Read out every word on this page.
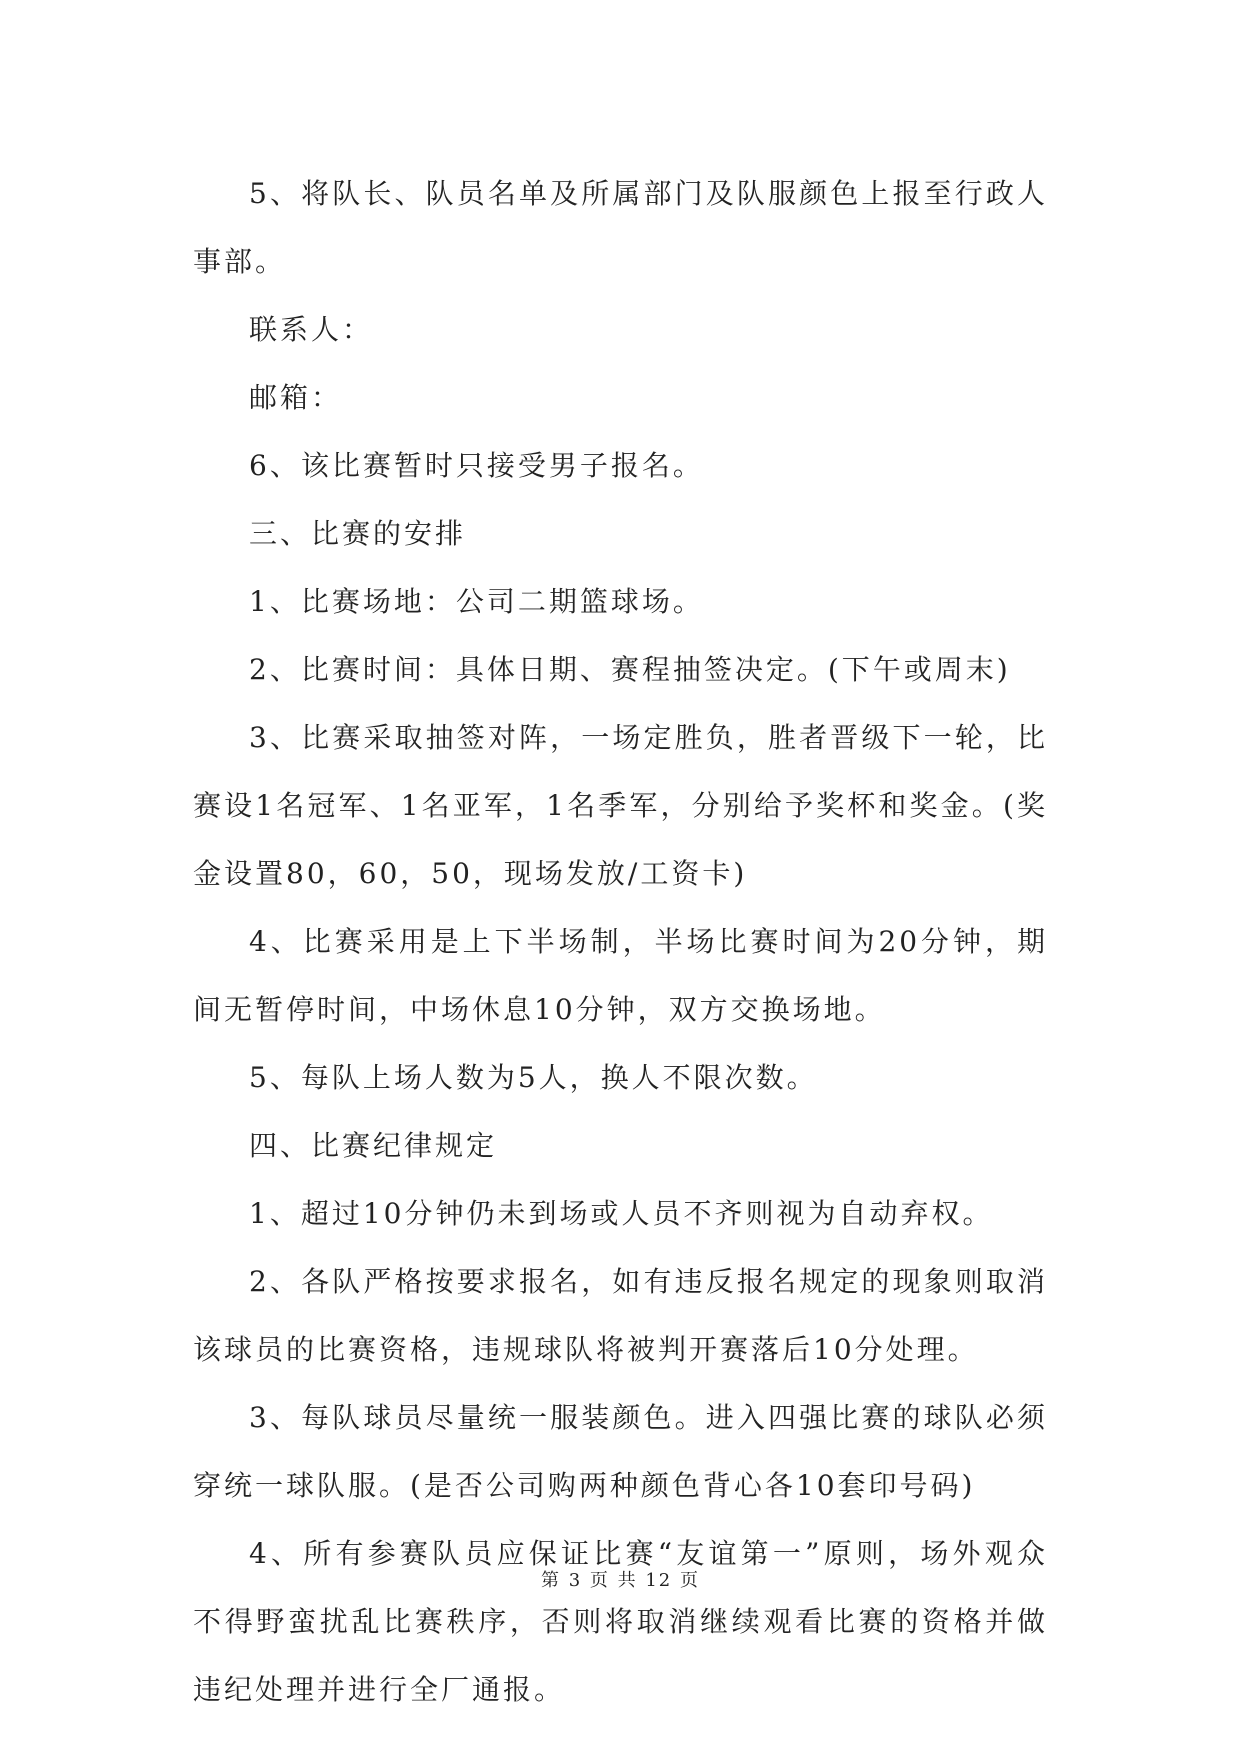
5、将队长、队员名单及所属部门及队服颜色上报至行政人事部。

联系人：

邮箱：

6、该比赛暂时只接受男子报名。

三、比赛的安排

1、比赛场地：公司二期篮球场。

2、比赛时间：具体日期、赛程抽签决定。(下午或周末)

3、比赛采取抽签对阵，一场定胜负，胜者晋级下一轮，比赛设1名冠军、1名亚军，1名季军，分别给予奖杯和奖金。(奖金设置80，60，50，现场发放/工资卡)

4、比赛采用是上下半场制，半场比赛时间为20分钟，期间无暂停时间，中场休息10分钟，双方交换场地。

5、每队上场人数为5人，换人不限次数。

四、比赛纪律规定

1、超过10分钟仍未到场或人员不齐则视为自动弃权。

2、各队严格按要求报名，如有违反报名规定的现象则取消该球员的比赛资格，违规球队将被判开赛落后10分处理。

3、每队球员尽量统一服装颜色。进入四强比赛的球队必须穿统一球队服。(是否公司购两种颜色背心各10套印号码)

4、所有参赛队员应保证比赛“友谊第一”原则，场外观众不得野蛮扰乱比赛秩序，否则将取消继续观看比赛的资格并做违纪处理并进行全厂通报。

第 3 页 共 12 页
